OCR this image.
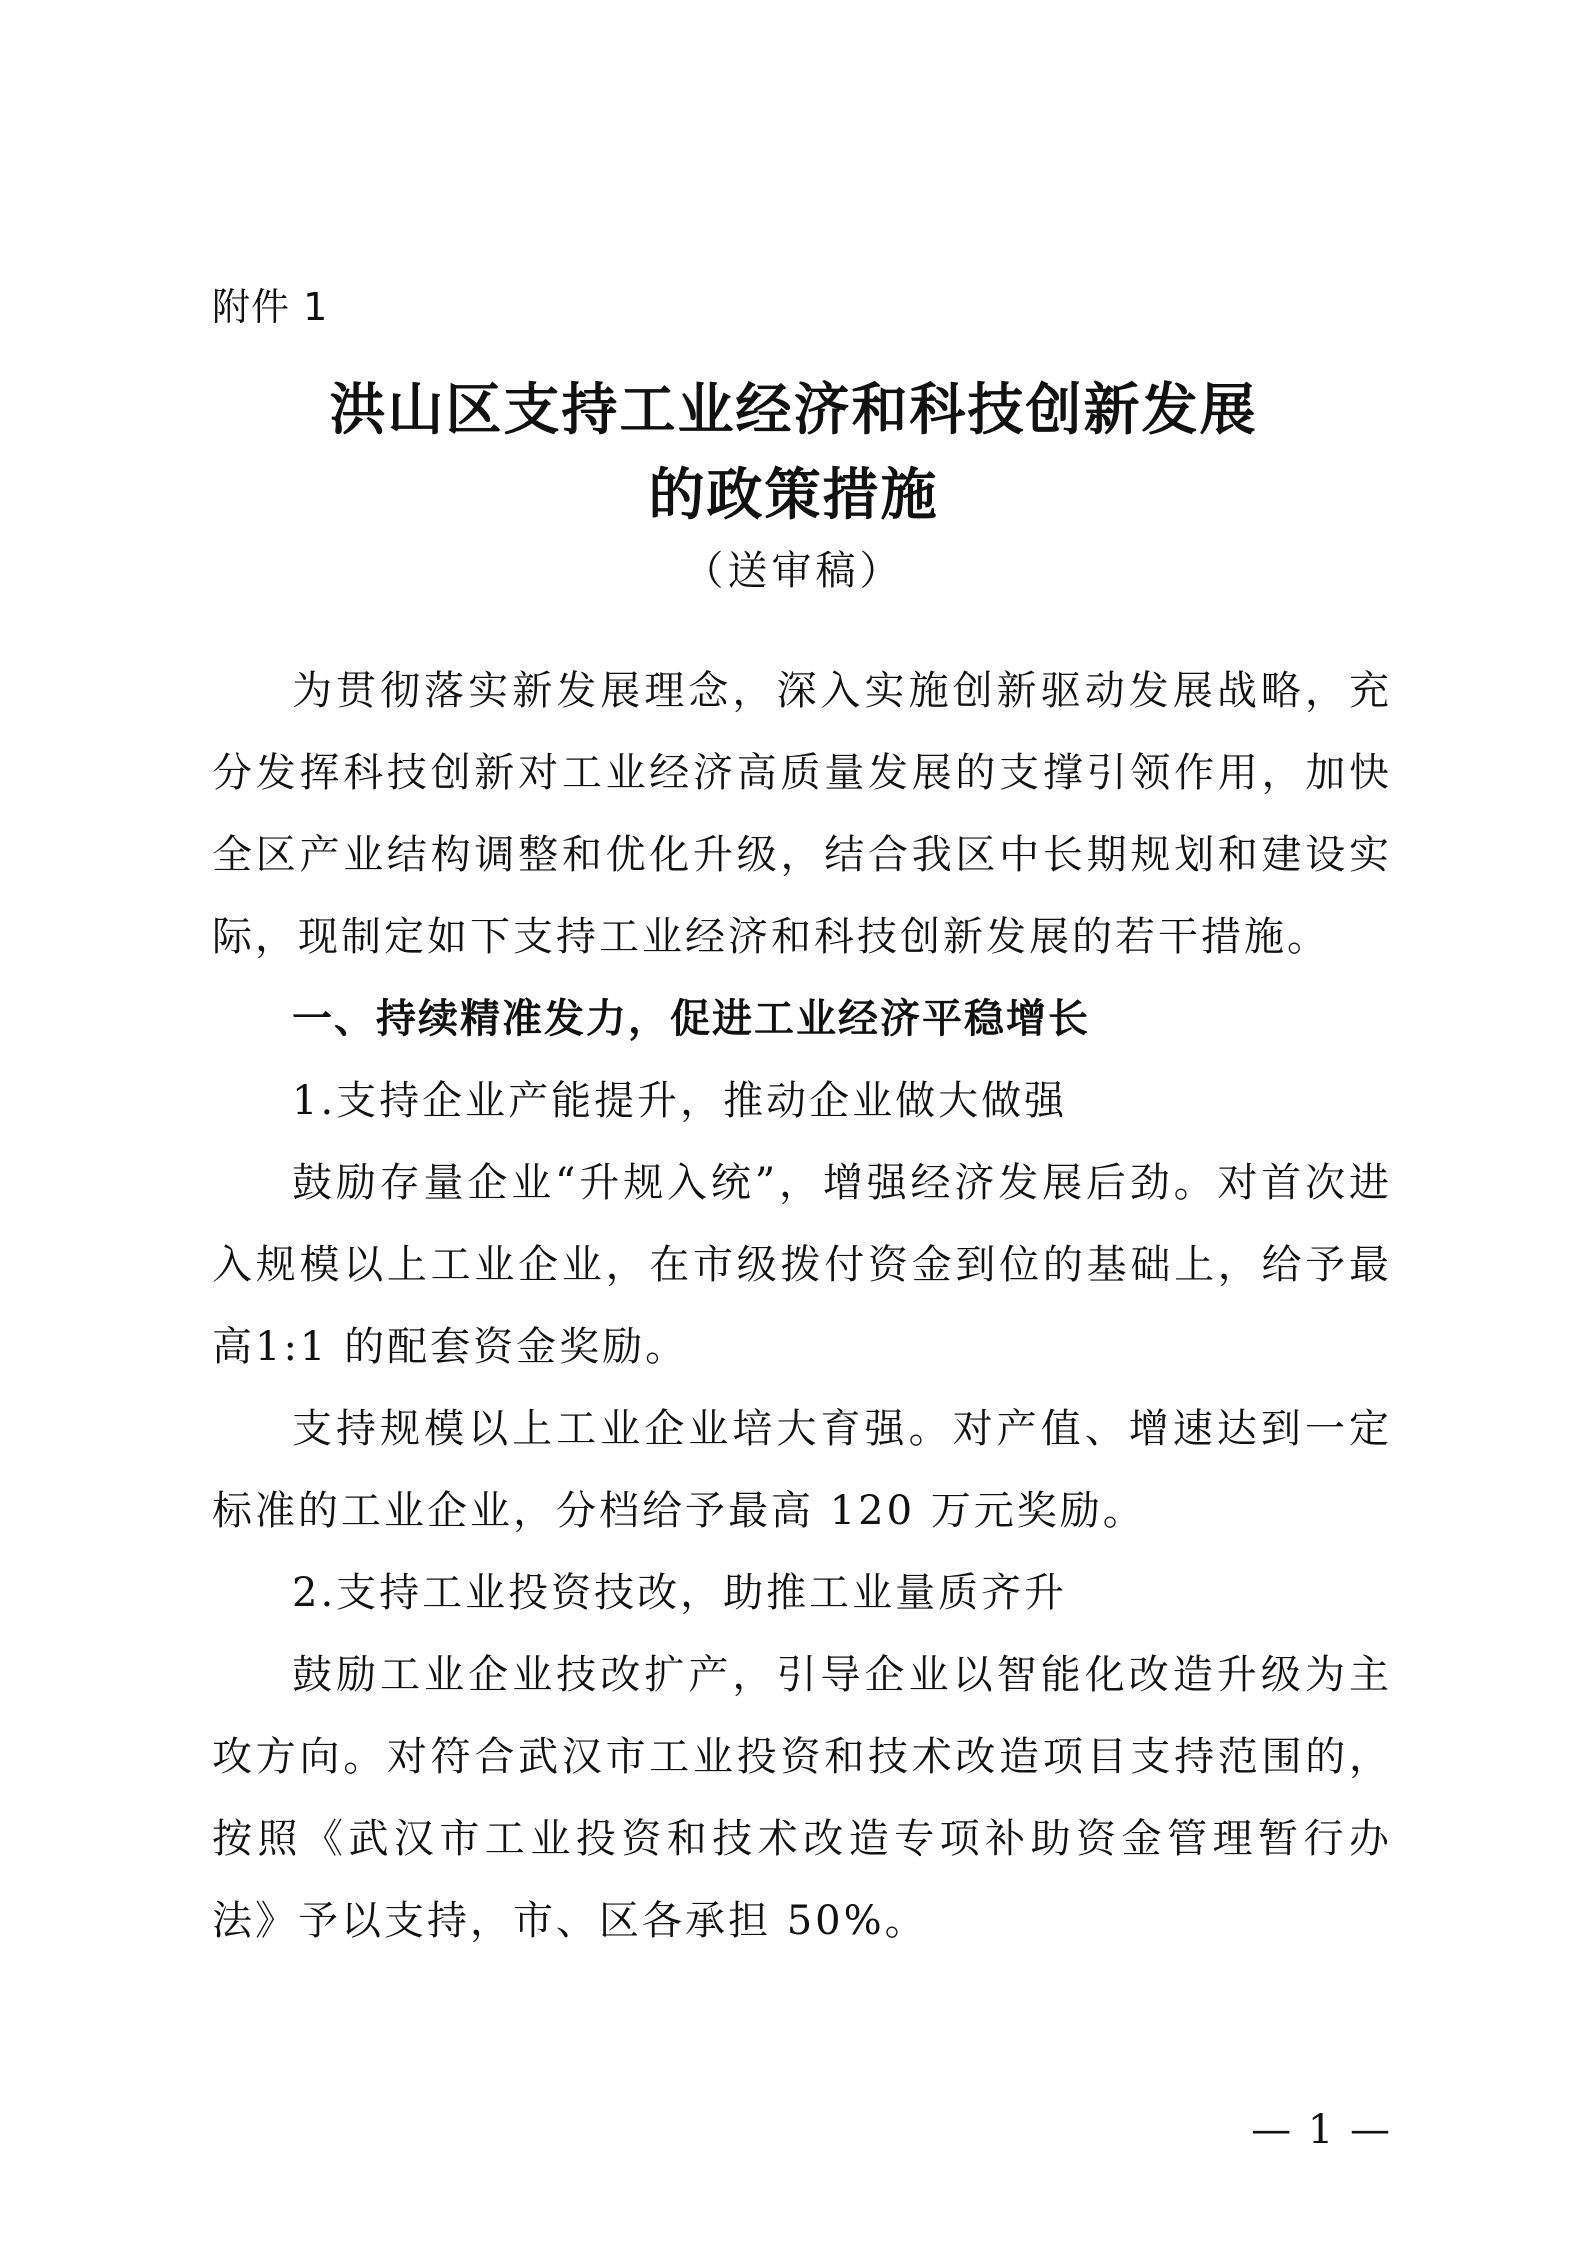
附件 1
洪山区支持工业经济和科技创新发展
的政策措施
（送审稿）

为贯彻落实新发展理念，深入实施创新驱动发展战略，充分发挥科技创新对工业经济高质量发展的支撑引领作用，加快全区产业结构调整和优化升级，结合我区中长期规划和建设实际，现制定如下支持工业经济和科技创新发展的若干措施。

一、持续精准发力，促进工业经济平稳增长

1.支持企业产能提升，推动企业做大做强

鼓励存量企业“升规入统”，增强经济发展后劲。对首次进入规模以上工业企业，在市级拨付资金到位的基础上，给予最高1:1 的配套资金奖励。

支持规模以上工业企业培大育强。对产值、增速达到一定标准的工业企业，分档给予最高 120 万元奖励。

2.支持工业投资技改，助推工业量质齐升

鼓励工业企业技改扩产，引导企业以智能化改造升级为主攻方向。对符合武汉市工业投资和技术改造项目支持范围的，按照《武汉市工业投资和技术改造专项补助资金管理暂行办法》予以支持，市、区各承担 50%。

— 1 —
